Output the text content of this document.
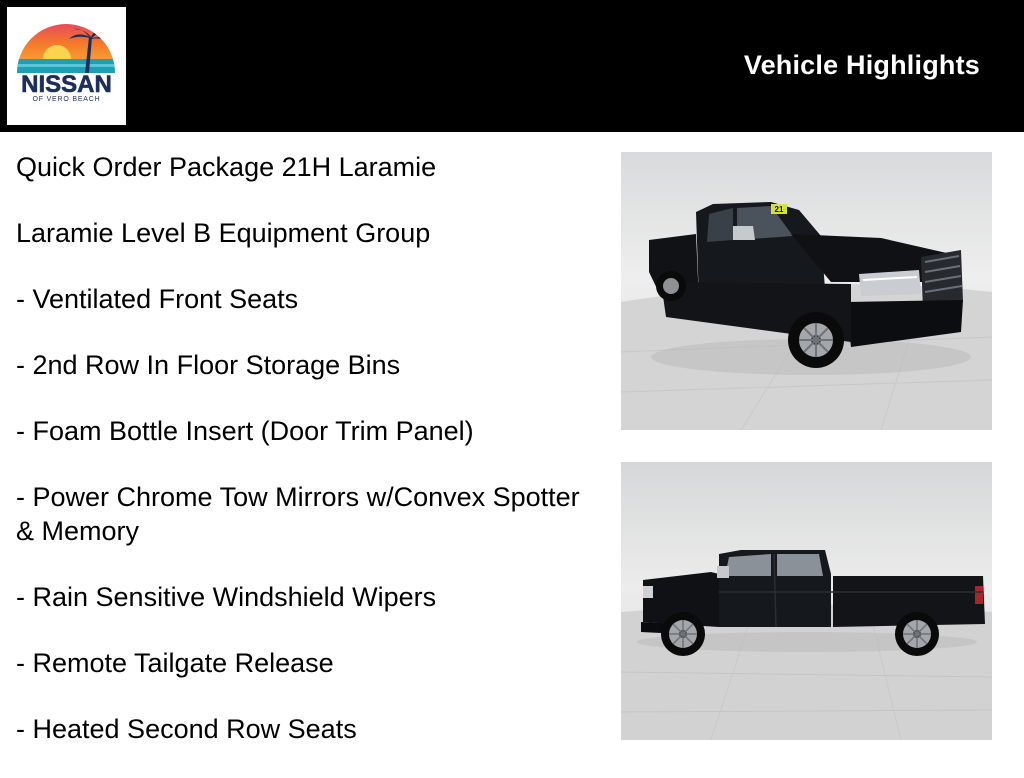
NISSAN
OF VERO BEACH
Vehicle Highlights
Quick Order Package 21H Laramie
Laramie Level B Equipment Group
- Ventilated Front Seats
- 2nd Row In Floor Storage Bins
- Foam Bottle Insert (Door Trim Panel)
- Power Chrome Tow Mirrors w/Convex Spotter & Memory
- Rain Sensitive Windshield Wipers
- Remote Tailgate Release
- Heated Second Row Seats
21
